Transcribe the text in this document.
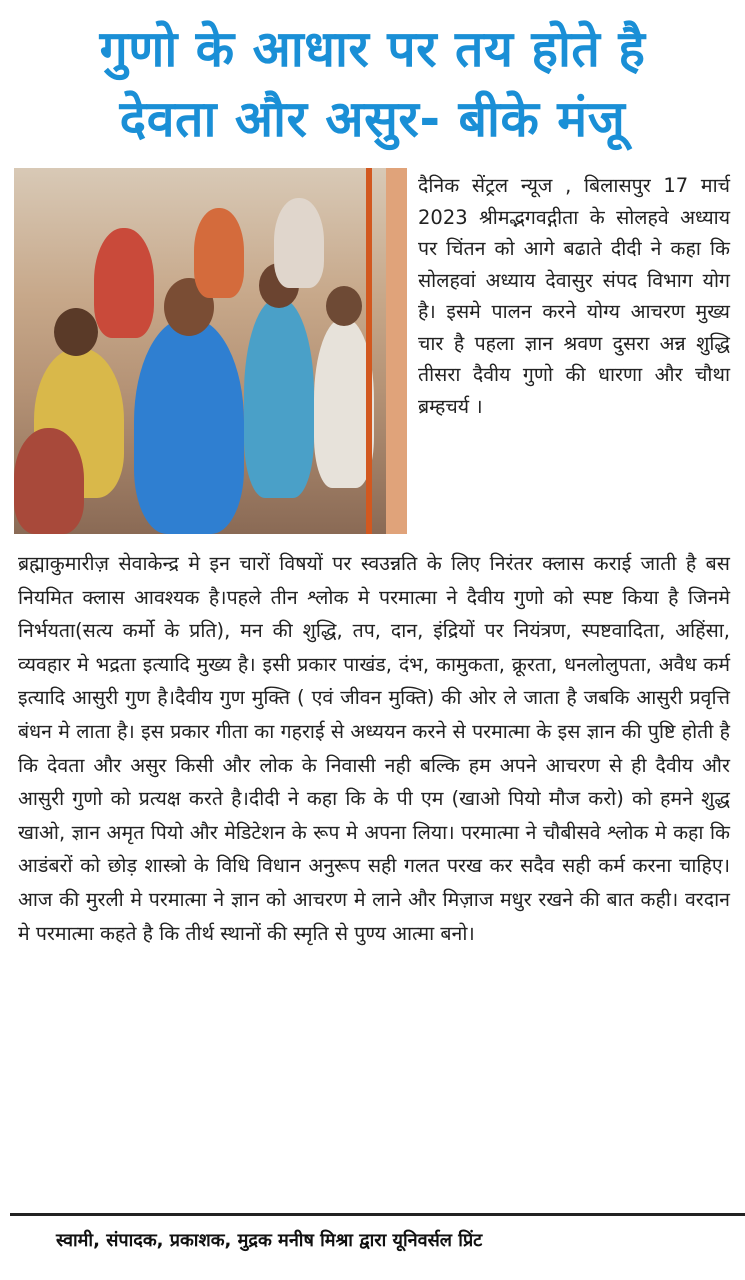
गुणो के आधार पर तय होते है
देवता और असुर- बीके मंजू
दैनिक सेंट्रल न्यूज , बिलासपुर 17 मार्च 2023 श्रीमद्भगवद्गीता के सोलहवे अध्याय पर चिंतन को आगे बढाते दीदी ने कहा कि सोलहवां अध्याय देवासुर संपद विभाग योग है। इसमे पालन करने योग्य आचरण मुख्य चार है पहला ज्ञान श्रवण दुसरा अन्न शुद्धि तीसरा दैवीय गुणो की धारणा और चौथा ब्रम्हचर्य ।
ब्रह्माकुमारीज़ सेवाकेन्द्र मे इन चारों विषयों पर स्वउन्नति के लिए निरंतर क्लास कराई जाती है बस नियमित क्लास आवश्यक है।पहले तीन श्लोक मे परमात्मा ने दैवीय गुणो को स्पष्ट किया है जिनमे निर्भयता(सत्य कर्मो के प्रति), मन की शुद्धि, तप, दान, इंद्रियों पर नियंत्रण, स्पष्टवादिता, अहिंसा, व्यवहार मे भद्रता इत्यादि मुख्य है। इसी प्रकार पाखंड, दंभ, कामुकता, क्रूरता, धनलोलुपता, अवैध कर्म इत्यादि आसुरी गुण है।दैवीय गुण मुक्ति ( एवं जीवन मुक्ति) की ओर ले जाता है जबकि आसुरी प्रवृत्ति बंधन मे लाता है। इस प्रकार गीता का गहराई से अध्ययन करने से परमात्मा के इस ज्ञान की पुष्टि होती है कि देवता और असुर किसी और लोक के निवासी नही बल्कि हम अपने आचरण से ही दैवीय और आसुरी गुणो को प्रत्यक्ष करते है।दीदी ने कहा कि के पी एम (खाओ पियो मौज करो) को हमने शुद्ध खाओ, ज्ञान अमृत पियो और मेडिटेशन के रूप मे अपना लिया। परमात्मा ने चौबीसवे श्लोक मे कहा कि आडंबरों को छोड़ शास्त्रो के विधि विधान अनुरूप सही गलत परख कर सदैव सही कर्म करना चाहिए।आज की मुरली मे परमात्मा ने ज्ञान को आचरण मे लाने और मिज़ाज मधुर रखने की बात कही। वरदान मे परमात्मा कहते है कि तीर्थ स्थानों की स्मृति से पुण्य आत्मा बनो।
स्वामी, संपादक, प्रकाशक, मुद्रक मनीष मिश्रा द्वारा यूनिवर्सल प्रिंट
